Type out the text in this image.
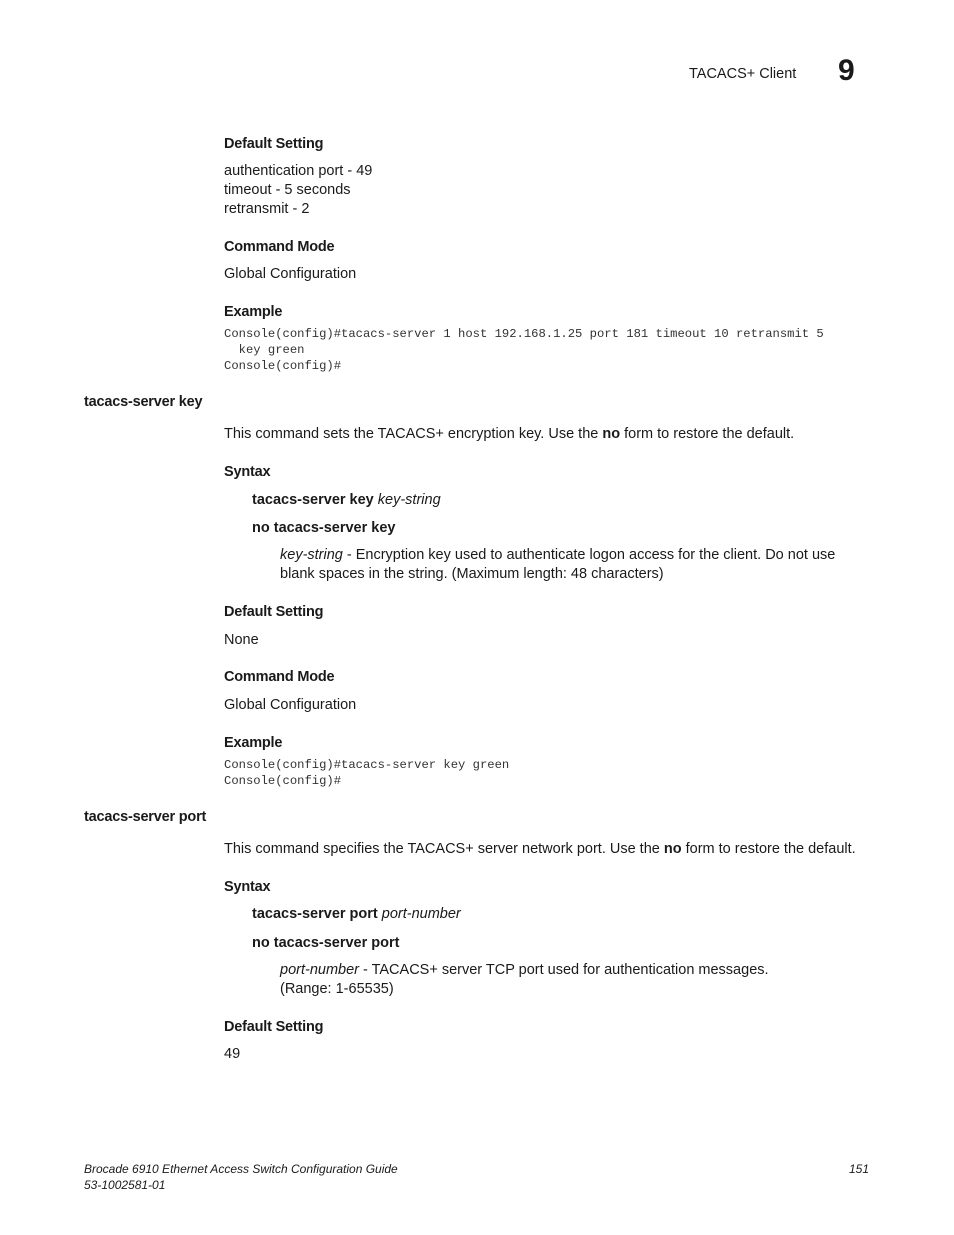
TACACS+ Client 9
Default Setting
authentication port - 49
timeout - 5 seconds
retransmit - 2
Command Mode
Global Configuration
Example
Console(config)#tacacs-server 1 host 192.168.1.25 port 181 timeout 10 retransmit 5
key green
Console(config)#
tacacs-server key
This command sets the TACACS+ encryption key. Use the no form to restore the default.
Syntax
tacacs-server key key-string
no tacacs-server key
key-string - Encryption key used to authenticate logon access for the client. Do not use
blank spaces in the string. (Maximum length: 48 characters)
Default Setting
None
Command Mode
Global Configuration
Example
Console(config)#tacacs-server key green
Console(config)#
tacacs-server port
This command specifies the TACACS+ server network port. Use the no form to restore the default.
Syntax
tacacs-server port port-number
no tacacs-server port
port-number - TACACS+ server TCP port used for authentication messages.
(Range: 1-65535)
Default Setting
49
Brocade 6910 Ethernet Access Switch Configuration Guide
53-1002581-01
151
